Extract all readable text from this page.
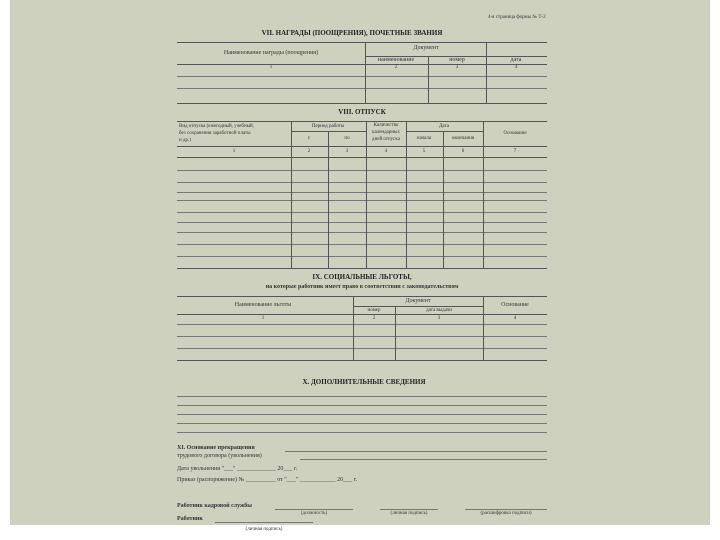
4-я страница формы № Т-2
VII. НАГРАДЫ (ПООЩРЕНИЯ), ПОЧЕТНЫЕ ЗВАНИЯ
Наименование награды (поощрения)
Документ
наименование	номер	дата
1	2	3	4
VIII. ОТПУСК
Вид отпуска (ежегодный, учебный,
без сохранения заработной платы
и др.)
Период работы
с	по
Количество
календарных
дней отпуска
Дата
начала	окончания
Основание
1	2	3	4	5	6	7
IX. СОЦИАЛЬНЫЕ ЛЬГОТЫ,
на которые работник имеет право в соответствии с законодательством
Наименование льготы
Документ
номер	дата выдачи
Основание
1	2	3	4
X. ДОПОЛНИТЕЛЬНЫЕ СВЕДЕНИЯ
XI. Основание прекращения
трудового договора (увольнения)
Дата увольнения "___" _____________ 20___ г.
Приказ (распоряжение) № __________ от "___" ____________ 20___ г.
Работник кадровой службы
(должность)	(личная подпись)	(расшифровка подписи)
Работник
(личная подпись)
